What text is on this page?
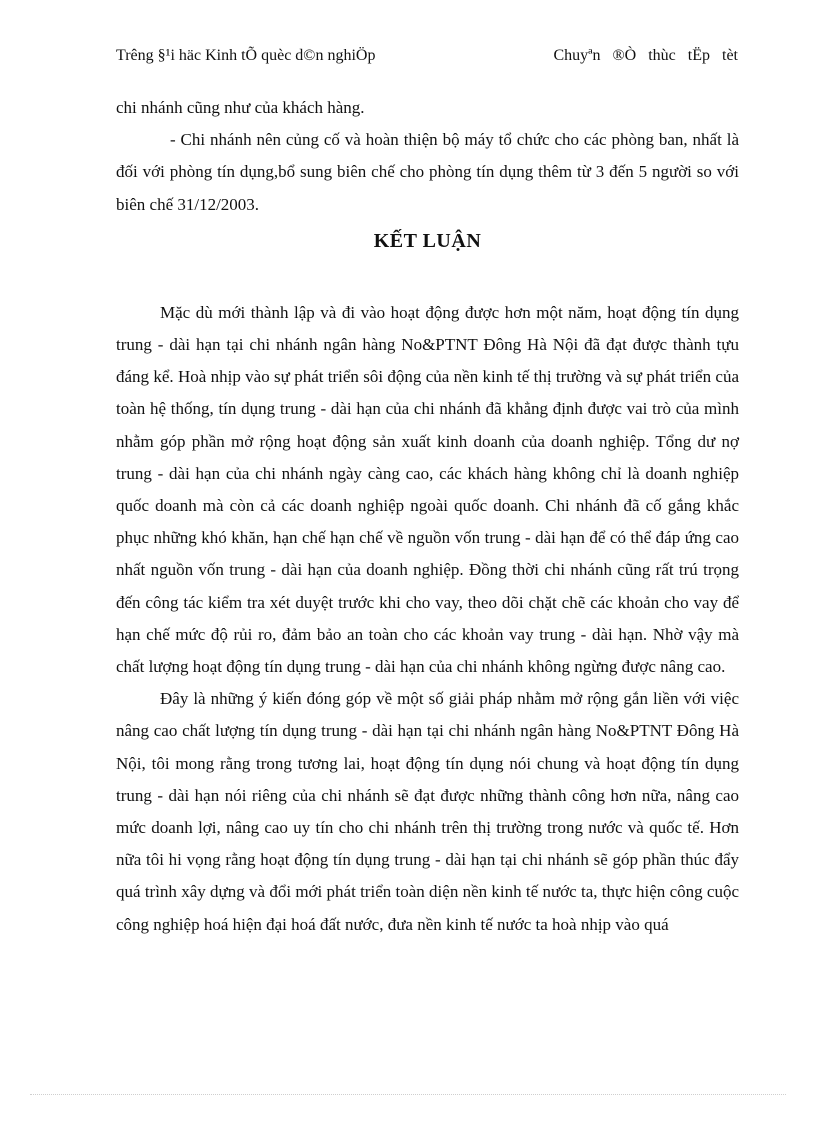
Trêng §¹i häc Kinh tÕ quèc d©n nghiÖp	Chuyªn ®Ò thùc tËp tèt

chi nhánh cũng như của khách hàng.

- Chi nhánh nên củng cố và hoàn thiện bộ máy tổ chức cho các phòng ban, nhất là đối với phòng tín dụng,bổ sung biên chế cho phòng tín dụng thêm từ 3 đến 5 người so với biên chế 31/12/2003.

KẾT LUẬN

Mặc dù mới thành lập và đi vào hoạt động được hơn một năm, hoạt động tín dụng trung - dài hạn tại chi nhánh ngân hàng No&PTNT Đông Hà Nội đã đạt được thành tựu đáng kể. Hoà nhịp vào sự phát triển sôi động của nền kinh tế thị trường và sự phát triển của toàn hệ thống, tín dụng trung - dài hạn của chi nhánh đã khẳng định được vai trò của mình nhằm góp phần mở rộng hoạt động sản xuất kinh doanh của doanh nghiệp. Tổng dư nợ trung - dài hạn của chi nhánh ngày càng cao, các khách hàng không chỉ là doanh nghiệp quốc doanh mà còn cả các doanh nghiệp ngoài quốc doanh. Chi nhánh đã cố gắng khắc phục những khó khăn, hạn chế hạn chế về nguồn vốn trung - dài hạn để có thể đáp ứng cao nhất nguồn vốn trung - dài hạn của doanh nghiệp. Đồng thời chi nhánh cũng rất trú trọng đến công tác kiểm tra xét duyệt trước khi cho vay, theo dõi chặt chẽ các khoản cho vay để hạn chế mức độ rủi ro, đảm bảo an toàn cho các khoản vay trung - dài hạn. Nhờ vậy mà chất lượng hoạt động tín dụng trung - dài hạn của chi nhánh không ngừng được nâng cao.

Đây là những ý kiến đóng góp về một số giải pháp nhằm mở rộng gắn liền với việc nâng cao chất lượng tín dụng trung - dài hạn tại chi nhánh ngân hàng No&PTNT Đông Hà Nội, tôi mong rằng trong tương lai, hoạt động tín dụng nói chung và hoạt động tín dụng trung - dài hạn nói riêng của chi nhánh sẽ đạt được những thành công hơn nữa, nâng cao mức doanh lợi, nâng cao uy tín cho chi nhánh trên thị trường trong nước và quốc tế. Hơn nữa tôi hi vọng rằng hoạt động tín dụng trung - dài hạn tại chi nhánh sẽ góp phần thúc đẩy quá trình xây dựng và đổi mới phát triển toàn diện nền kinh tế nước ta, thực hiện công cuộc công nghiệp hoá hiện đại hoá đất nước, đưa nền kinh tế nước ta hoà nhịp vào quá
